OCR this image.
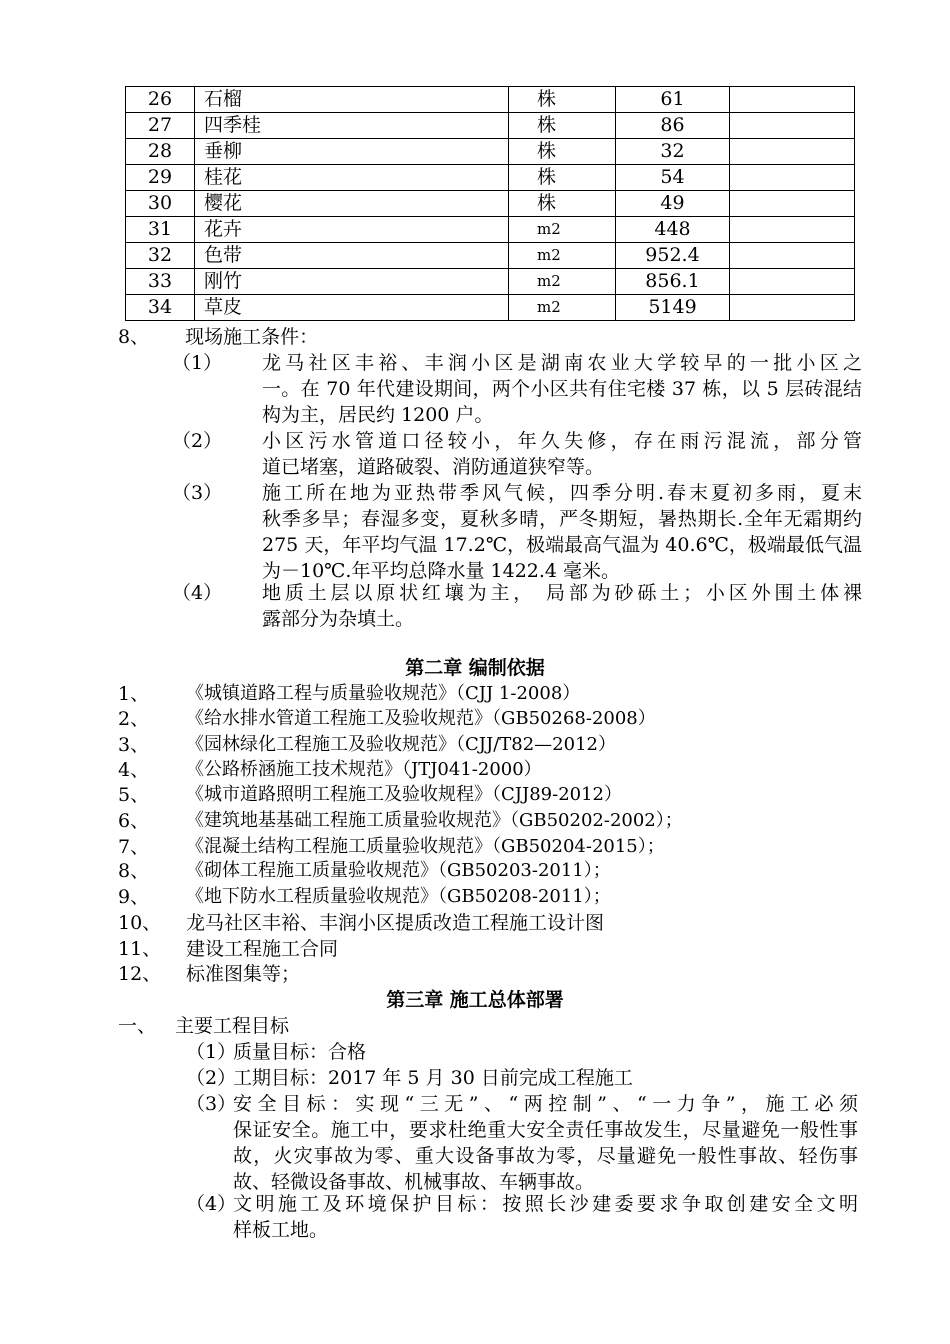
26	石榴	株	61	
27	四季桂	株	86	
28	垂柳	株	32	
29	桂花	株	54	
30	樱花	株	49	
31	花卉	m2	448	
32	色带	m2	952.4	
33	刚竹	m2	856.1	
34	草皮	m2	5149	
8、 现场施工条件：
（1） 龙马社区丰裕、丰润小区是湖南农业大学较早的一批小区之
一。在 70 年代建设期间，两个小区共有住宅楼 37 栋，以 5 层砖混结构为主，居民约 1200 户。
（2） 小区污水管道口径较小，年久失修，存在雨污混流，部分管
道已堵塞，道路破裂、消防通道狭窄等。
（3） 施工所在地为亚热带季风气候，四季分明.春末夏初多雨，夏末
秋季多旱；春湿多变，夏秋多晴，严冬期短，暑热期长.全年无霜期约 275 天，年平均气温 17.2℃，极端最高气温为 40.6℃，极端最低气温为－10℃.年平均总降水量 1422.4 毫米。
（4） 地质土层以原状红壤为主， 局部为砂砾土；小区外围土体裸
露部分为杂填土。
第二章 编制依据
1、 《城镇道路工程与质量验收规范》（CJJ 1-2008）
2、 《给水排水管道工程施工及验收规范》（GB50268-2008）
3、 《园林绿化工程施工及验收规范》（CJJ/T82—2012）
4、 《公路桥涵施工技术规范》（JTJ041-2000）
5、 《城市道路照明工程施工及验收规程》（CJJ89-2012）
6、 《建筑地基基础工程施工质量验收规范》（GB50202-2002）；
7、 《混凝土结构工程施工质量验收规范》（GB50204-2015）；
8、 《砌体工程施工质量验收规范》（GB50203-2011）；
9、 《地下防水工程质量验收规范》（GB50208-2011）；
10、 龙马社区丰裕、丰润小区提质改造工程施工设计图
11、 建设工程施工合同
12、 标准图集等；
第三章 施工总体部署
一、 主要工程目标
（1）
质量目标：合格
（2）
工期目标：2017 年 5 月 30 日前完成工程施工
（3）
安全目标：实现“三无”、“两控制”、“一力争”，施工必须
保证安全。施工中，要求杜绝重大安全责任事故发生，尽量避免一般性事故，火灾事故为零、重大设备事故为零，尽量避免一般性事故、轻伤事故、轻微设备事故、机械事故、车辆事故。
（4）
文明施工及环境保护目标：按照长沙建委要求争取创建安全文明
样板工地。
